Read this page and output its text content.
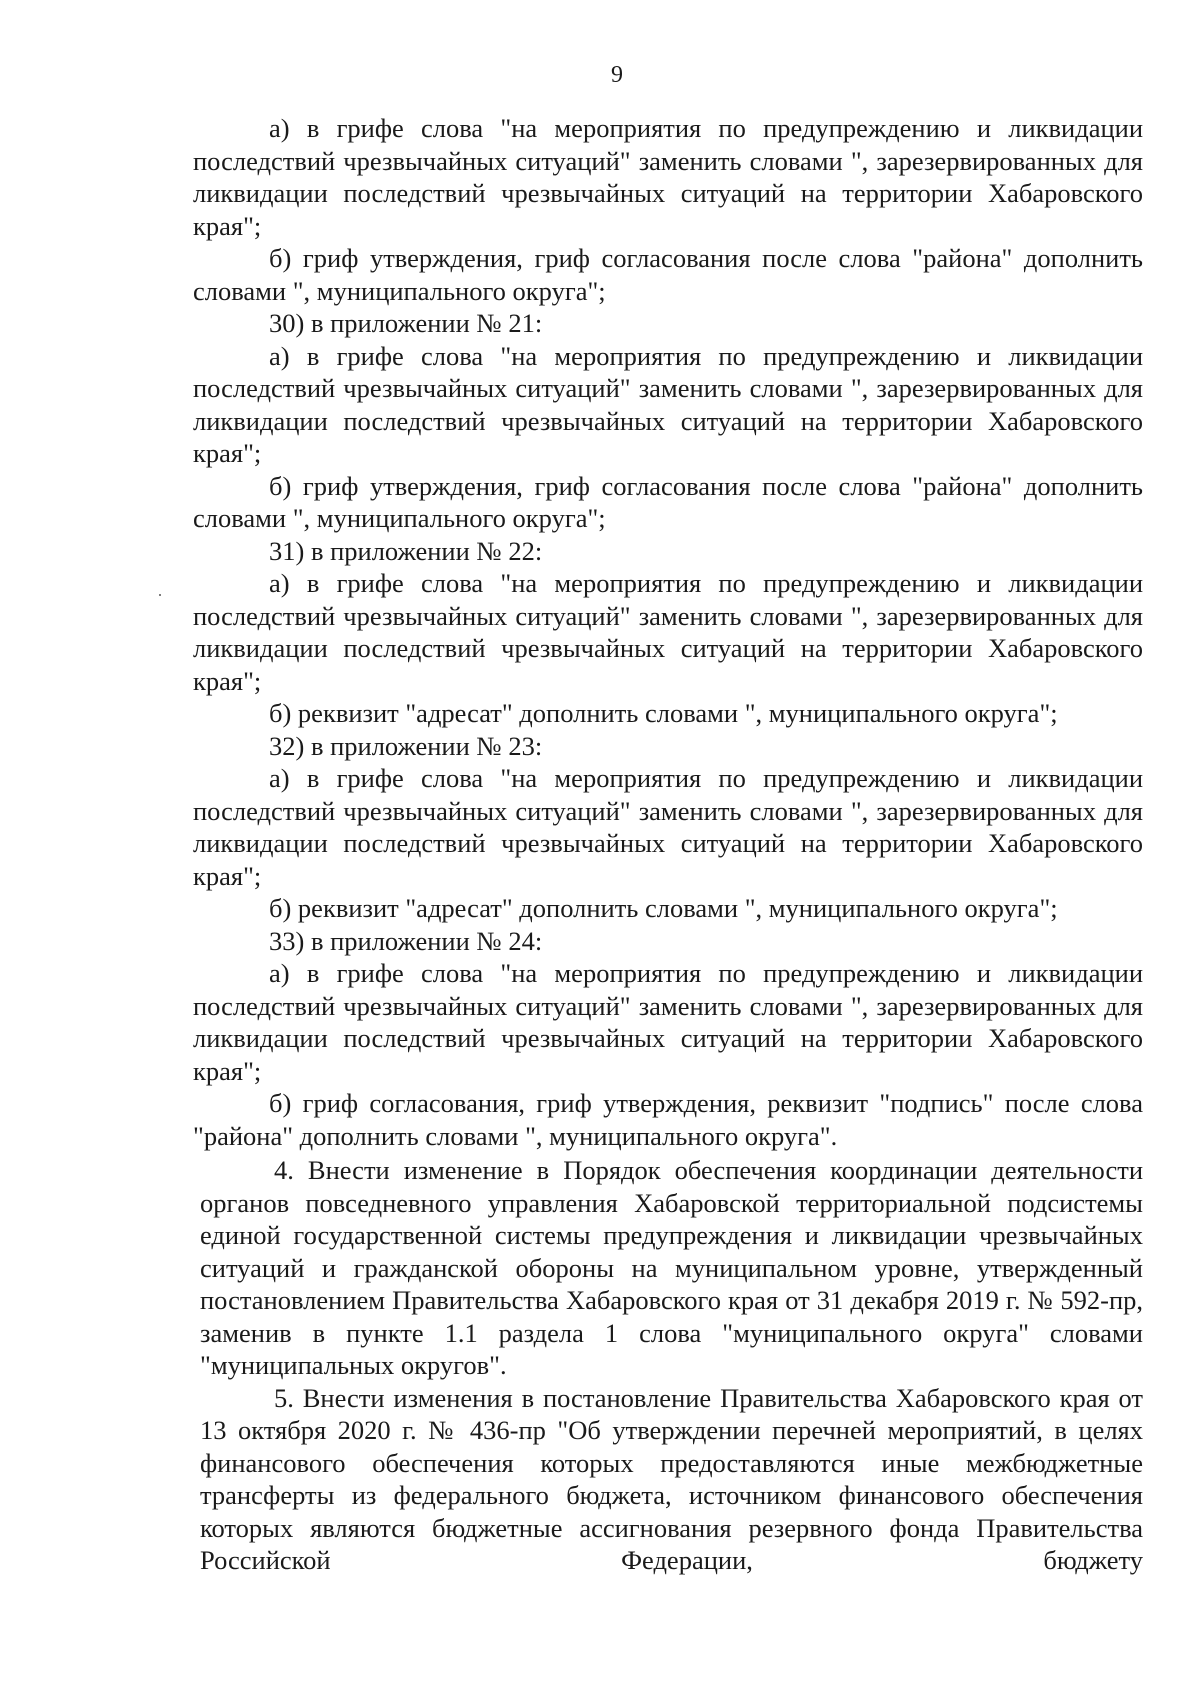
9

а) в грифе слова "на мероприятия по предупреждению и ликвидации последствий чрезвычайных ситуаций" заменить словами ", зарезервированных для ликвидации последствий чрезвычайных ситуаций на территории Хабаровского края";

б) гриф утверждения, гриф согласования после слова "района" дополнить словами ", муниципального округа";

30) в приложении № 21:

а) в грифе слова "на мероприятия по предупреждению и ликвидации последствий чрезвычайных ситуаций" заменить словами ", зарезервированных для ликвидации последствий чрезвычайных ситуаций на территории Хабаровского края";

б) гриф утверждения, гриф согласования после слова "района" дополнить словами ", муниципального округа";

31) в приложении № 22:

а) в грифе слова "на мероприятия по предупреждению и ликвидации последствий чрезвычайных ситуаций" заменить словами ", зарезервированных для ликвидации последствий чрезвычайных ситуаций на территории Хабаровского края";

б) реквизит "адресат" дополнить словами ", муниципального округа";

32) в приложении № 23:

а) в грифе слова "на мероприятия по предупреждению и ликвидации последствий чрезвычайных ситуаций" заменить словами ", зарезервированных для ликвидации последствий чрезвычайных ситуаций на территории Хабаровского края";

б) реквизит "адресат" дополнить словами ", муниципального округа";

33) в приложении № 24:

а) в грифе слова "на мероприятия по предупреждению и ликвидации последствий чрезвычайных ситуаций" заменить словами ", зарезервированных для ликвидации последствий чрезвычайных ситуаций на территории Хабаровского края";

б) гриф согласования, гриф утверждения, реквизит "подпись" после слова "района" дополнить словами ", муниципального округа".

4. Внести изменение в Порядок обеспечения координации деятельности органов повседневного управления Хабаровской территориальной подсистемы единой государственной системы предупреждения и ликвидации чрезвычайных ситуаций и гражданской обороны на муниципальном уровне, утвержденный постановлением Правительства Хабаровского края от 31 декабря 2019 г. № 592-пр, заменив в пункте 1.1 раздела 1 слова "муниципального округа" словами "муниципальных округов".

5. Внести изменения в постановление Правительства Хабаровского края от 13 октября 2020 г. № 436-пр "Об утверждении перечней мероприятий, в целях финансового обеспечения которых предоставляются иные межбюджетные трансферты из федерального бюджета, источником финансового обеспечения которых являются бюджетные ассигнования резервного фонда Правительства Российской Федерации, бюджету
